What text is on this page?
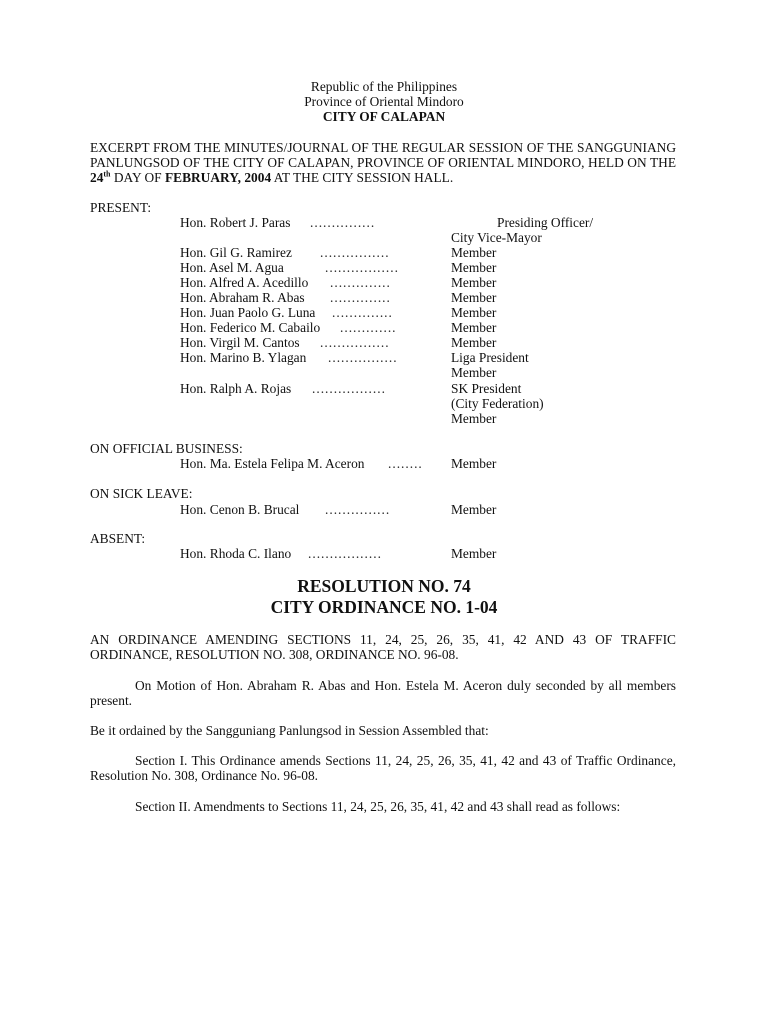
Republic of the Philippines
Province of Oriental Mindoro
CITY OF CALAPAN

EXCERPT FROM THE MINUTES/JOURNAL OF THE REGULAR SESSION OF THE SANGGUNIANG PANLUNGSOD OF THE CITY OF CALAPAN, PROVINCE OF ORIENTAL MINDORO, HELD ON THE 24th DAY OF FEBRUARY, 2004 AT THE CITY SESSION HALL.

PRESENT:
Hon. Robert J. Paras ...............	Presiding Officer/
City Vice-Mayor
Hon. Gil G. Ramirez ................	Member
Hon. Asel M. Agua	.................	Member
Hon. Alfred A. Acedillo ..............	Member
Hon. Abraham R. Abas ..............	Member
Hon. Juan Paolo G. Luna ..............	Member
Hon. Federico M. Cabailo .............	Member
Hon. Virgil M. Cantos ................	Member
Hon. Marino B. Ylagan ................	Liga President
Member
Hon. Ralph A. Rojas .................	SK President
(City Federation)
Member
ON OFFICIAL BUSINESS:
Hon. Ma. Estela Felipa M. Aceron ........ Member
ON SICK LEAVE:
Hon. Cenon B. Brucal ...............	Member
ABSENT:
Hon. Rhoda C. Ilano .................	Member
RESOLUTION NO. 74
CITY ORDINANCE NO. 1-04

AN ORDINANCE AMENDING SECTIONS 11, 24, 25, 26, 35, 41, 42 AND 43 OF TRAFFIC ORDINANCE, RESOLUTION NO. 308, ORDINANCE NO. 96-08.

On Motion of Hon. Abraham R. Abas and Hon. Estela M. Aceron duly seconded by all members present.

Be it ordained by the Sangguniang Panlungsod in Session Assembled that:

Section I. This Ordinance amends Sections 11, 24, 25, 26, 35, 41, 42 and 43 of Traffic Ordinance, Resolution No. 308, Ordinance No. 96-08.

Section II. Amendments to Sections 11, 24, 25, 26, 35, 41, 42 and 43 shall read as follows:
